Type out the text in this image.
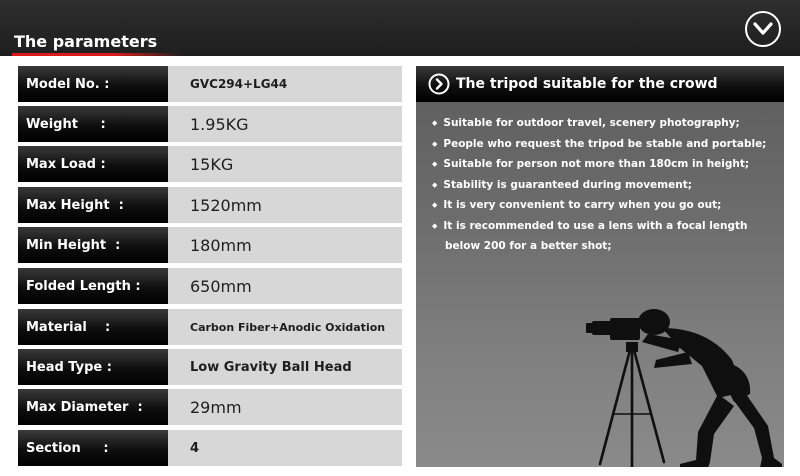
The parameters
Model No. :	GVC294+LG44
Weight     :	1.95KG
Max Load :	15KG
Max Height  :	1520mm
Min Height  :	180mm
Folded Length :	650mm
Material    :	Carbon Fiber+Anodic Oxidation
Head Type :	Low Gravity Ball Head
Max Diameter  :	29mm
Section     :	4
The tripod suitable for the crowd
◆ Suitable for outdoor travel, scenery photography;
◆ People who request the tripod be stable and portable;
◆ Suitable for person not more than 180cm in height;
◆ Stability is guaranteed during movement;
◆ It is very convenient to carry when you go out;
◆ It is recommended to use a lens with a focal length
below 200 for a better shot;
